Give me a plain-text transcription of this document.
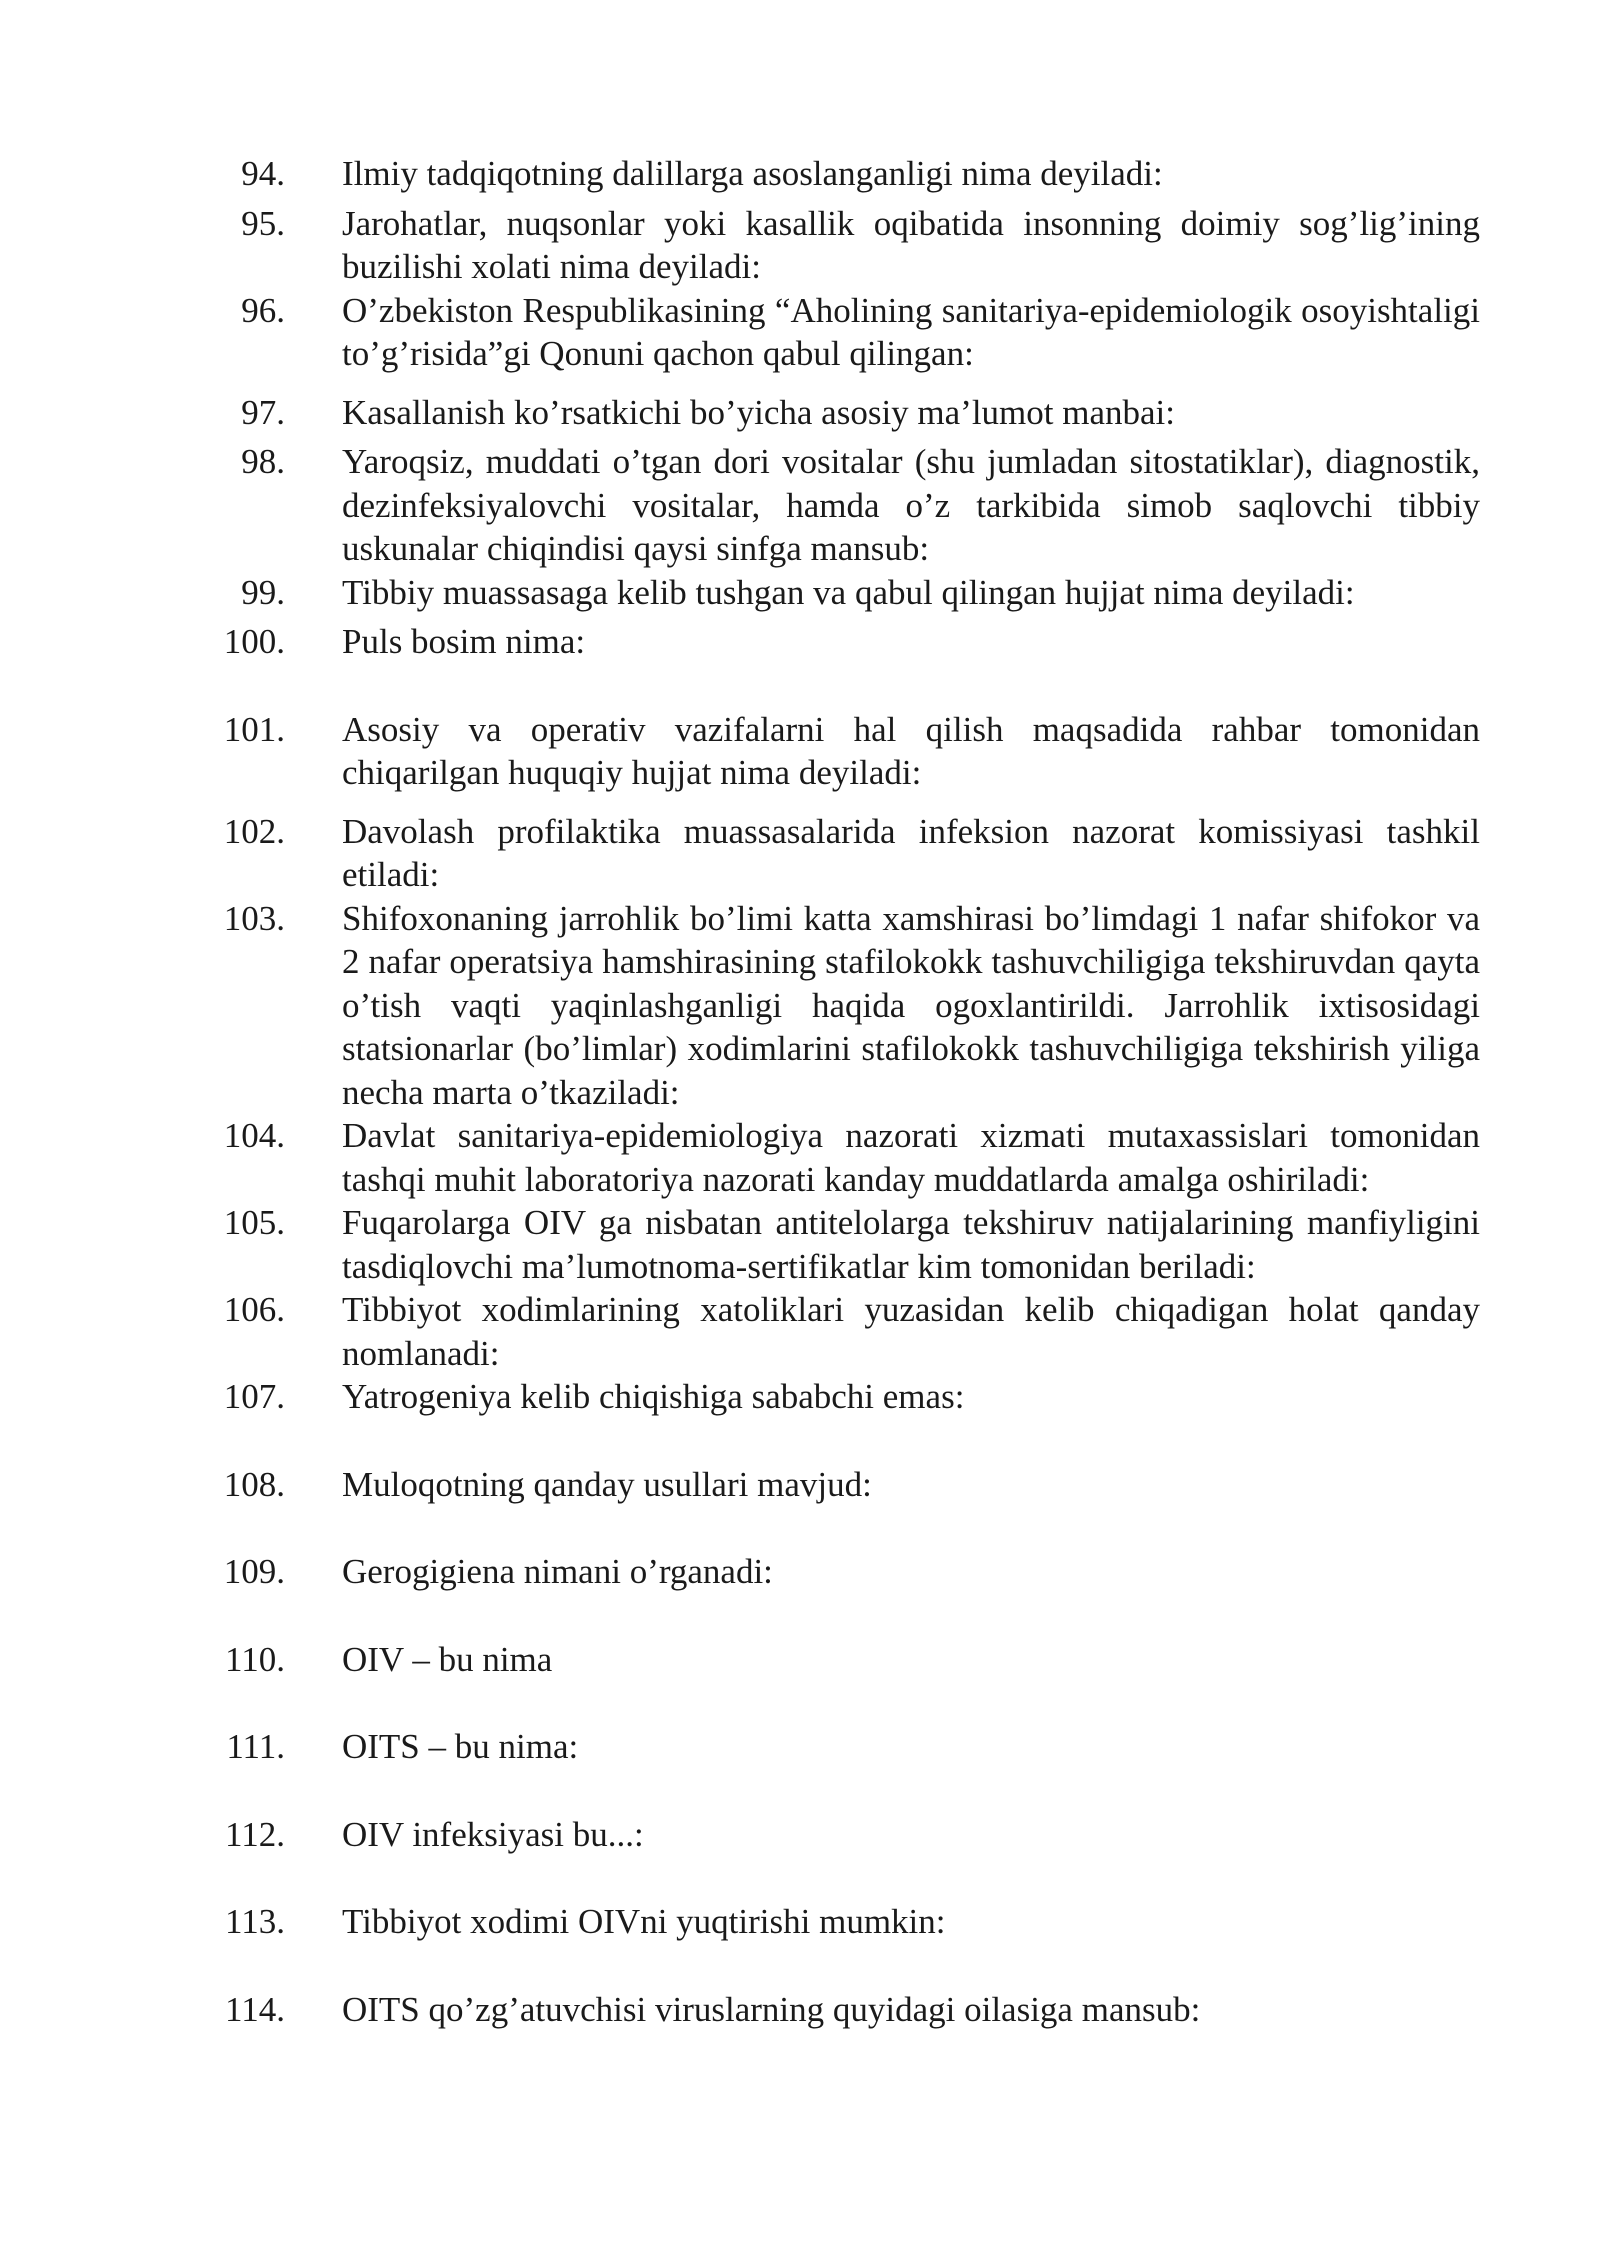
94. Ilmiy tadqiqotning dalillarga asoslanganligi nima deyiladi:
95. Jarohatlar, nuqsonlar yoki kasallik oqibatida insonning doimiy sog’lig’ining buzilishi xolati nima deyiladi:
96. O’zbekiston Respublikasining “Aholining sanitariya-epidemiologik osoyishtaligi to’g’risida”gi Qonuni qachon qabul qilingan:
97. Kasallanish ko’rsatkichi bo’yicha asosiy ma’lumot manbai:
98. Yaroqsiz, muddati o’tgan dori vositalar (shu jumladan sitostatiklar), diagnostik, dezinfeksiyalovchi vositalar, hamda o’z tarkibida simob saqlovchi tibbiy uskunalar chiqindisi qaysi sinfga mansub:
99. Tibbiy muassasaga kelib tushgan va qabul qilingan hujjat nima deyiladi:
100. Puls bosim nima:
101. Asosiy va operativ vazifalarni hal qilish maqsadida rahbar tomonidan chiqarilgan huquqiy hujjat nima deyiladi:
102. Davolash profilaktika muassasalarida infeksion nazorat komissiyasi tashkil etiladi:
103. Shifoxonaning jarrohlik bo’limi katta xamshirasi bo’limdagi 1 nafar shifokor va 2 nafar operatsiya hamshirasining stafilokokk tashuvchiligiga tekshiruvdan qayta o’tish vaqti yaqinlashganligi haqida ogoxlantirildi. Jarrohlik ixtisosidagi statsionarlar (bo’limlar) xodimlarini stafilokokk tashuvchiligiga tekshirish yiliga necha marta o’tkaziladi:
104. Davlat sanitariya-epidemiologiya nazorati xizmati mutaxassislari tomonidan tashqi muhit laboratoriya nazorati kanday muddatlarda amalga oshiriladi:
105. Fuqarolarga OIV ga nisbatan antitelolarga tekshiruv natijalarining manfiyligini tasdiqlovchi ma’lumotnoma-sertifikatlar kim tomonidan beriladi:
106. Tibbiyot xodimlarining xatoliklari yuzasidan kelib chiqadigan holat qanday nomlanadi:
107. Yatrogeniya kelib chiqishiga sababchi emas:
108. Muloqotning qanday usullari mavjud:
109. Gerogigiena nimani o’rganadi:
110. OIV – bu nima
111. OITS – bu nima:
112. OIV infeksiyasi bu...:
113. Tibbiyot xodimi OIVni yuqtirishi mumkin:
114. OITS qo’zg’atuvchisi viruslarning quyidagi oilasiga mansub:
